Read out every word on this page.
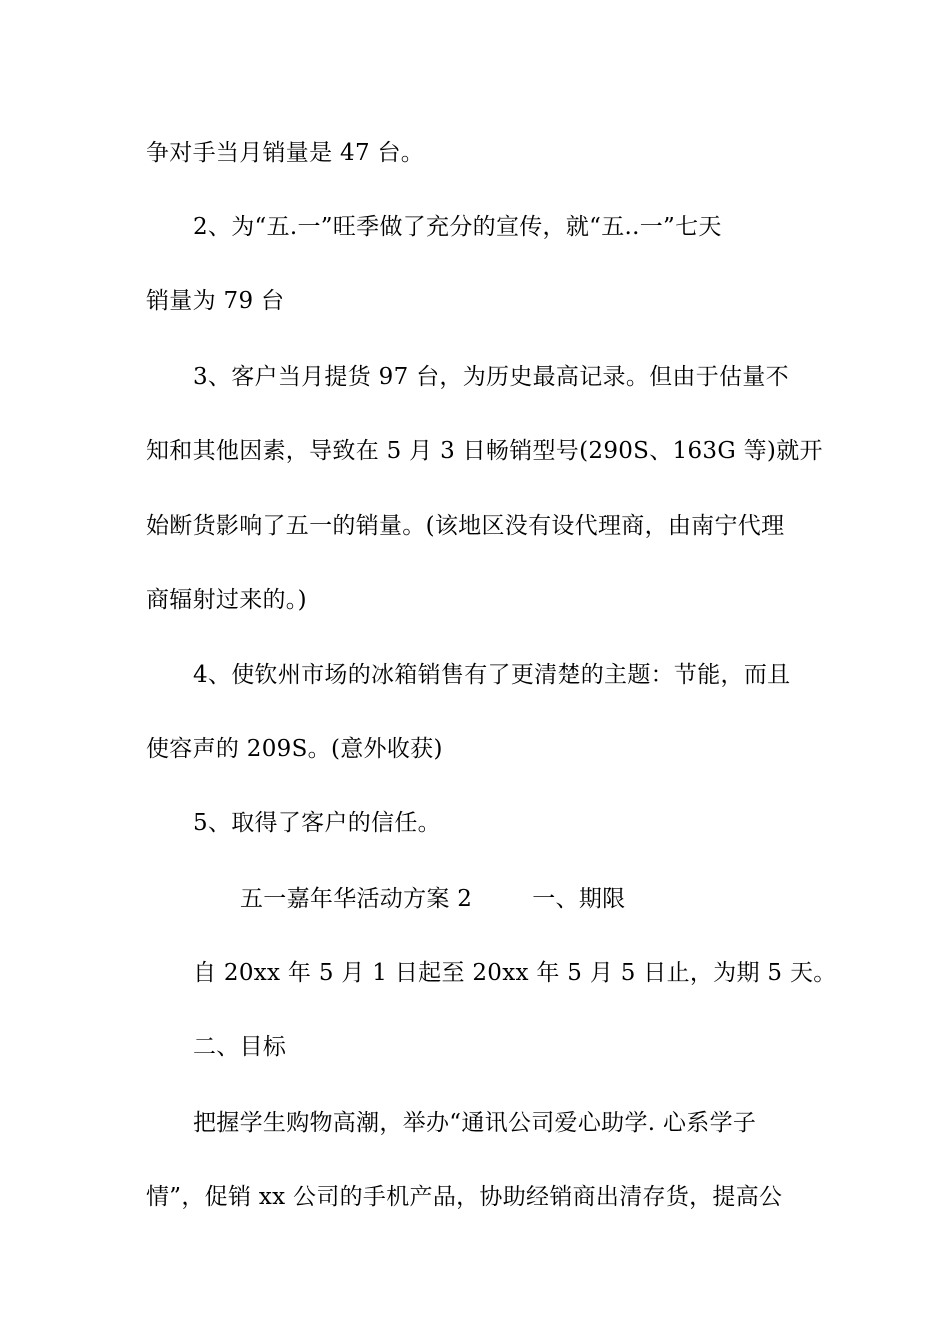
争对手当月销量是 47 台。
2、为“五.一”旺季做了充分的宣传，就“五..一”七天
销量为 79 台
3、客户当月提货 97 台，为历史最高记录。但由于估量不
知和其他因素，导致在 5 月 3 日畅销型号(290S、163G 等)就开
始断货影响了五一的销量。(该地区没有设代理商，由南宁代理
商辐射过来的。)
4、使钦州市场的冰箱销售有了更清楚的主题：节能，而且
使容声的 209S。(意外收获)
5、取得了客户的信任。
五一嘉年华活动方案 2	一、期限
自 20xx 年 5 月 1 日起至 20xx 年 5 月 5 日止，为期 5 天。
二、目标
把握学生购物高潮，举办“通讯公司爱心助学. 心系学子
情”，促销 xx 公司的手机产品，协助经销商出清存货，提高公
